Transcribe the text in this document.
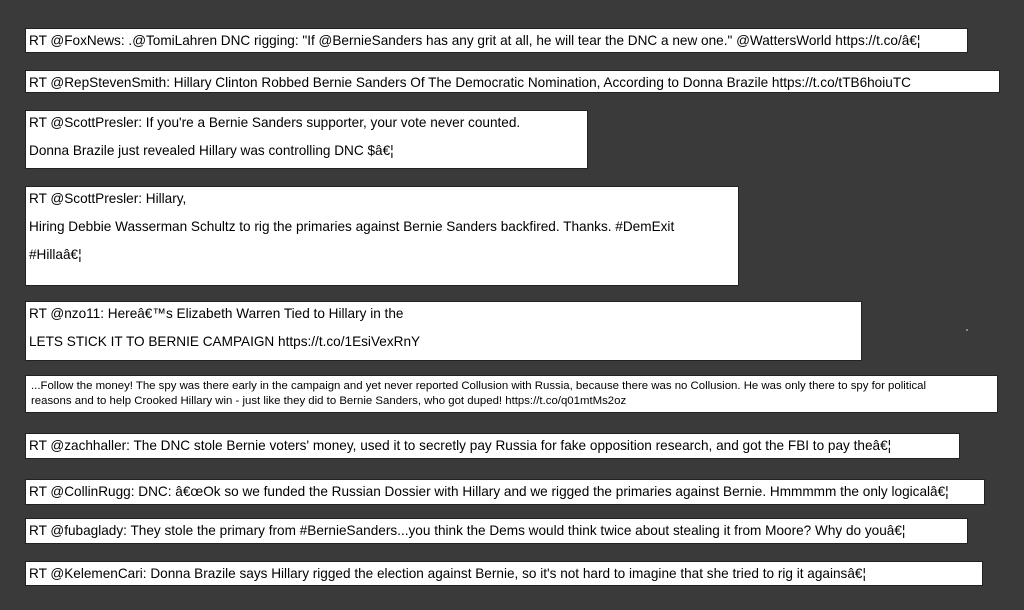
RT @FoxNews: .@TomiLahren DNC rigging: "If @BernieSanders has any grit at all, he will tear the DNC a new one." @WattersWorld https://t.co/â€¦
RT @RepStevenSmith: Hillary Clinton Robbed Bernie Sanders Of The Democratic Nomination, According to Donna Brazile https://t.co/tTB6hoiuTC
RT @ScottPresler: If you're a Bernie Sanders supporter, your vote never counted.
Donna Brazile just revealed Hillary was controlling DNC $â€¦
RT @ScottPresler: Hillary,
Hiring Debbie Wasserman Schultz to rig the primaries against Bernie Sanders backfired. Thanks. #DemExit
#Hillaâ€¦
RT @nzo11: Hereâ€™s Elizabeth Warren Tied to Hillary in the
LETS STICK IT TO BERNIE CAMPAIGN https://t.co/1EsiVexRnY
...Follow the money! The spy was there early in the campaign and yet never reported Collusion with Russia, because there was no Collusion. He was only there to spy for political
reasons and to help Crooked Hillary win - just like they did to Bernie Sanders, who got duped! https://t.co/q01mtMs2oz
RT @zachhaller: The DNC stole Bernie voters' money, used it to secretly pay Russia for fake opposition research, and got the FBI to pay theâ€¦
RT @CollinRugg: DNC: â€œOk so we funded the Russian Dossier with Hillary and we rigged the primaries against Bernie. Hmmmmm the only logicalâ€¦
RT @fubaglady: They stole the primary from #BernieSanders...you think the Dems would think twice about stealing it from Moore? Why do youâ€¦
RT @KelemenCari: Donna Brazile says Hillary rigged the election against Bernie, so it's not hard to imagine that she tried to rig it againsâ€¦
